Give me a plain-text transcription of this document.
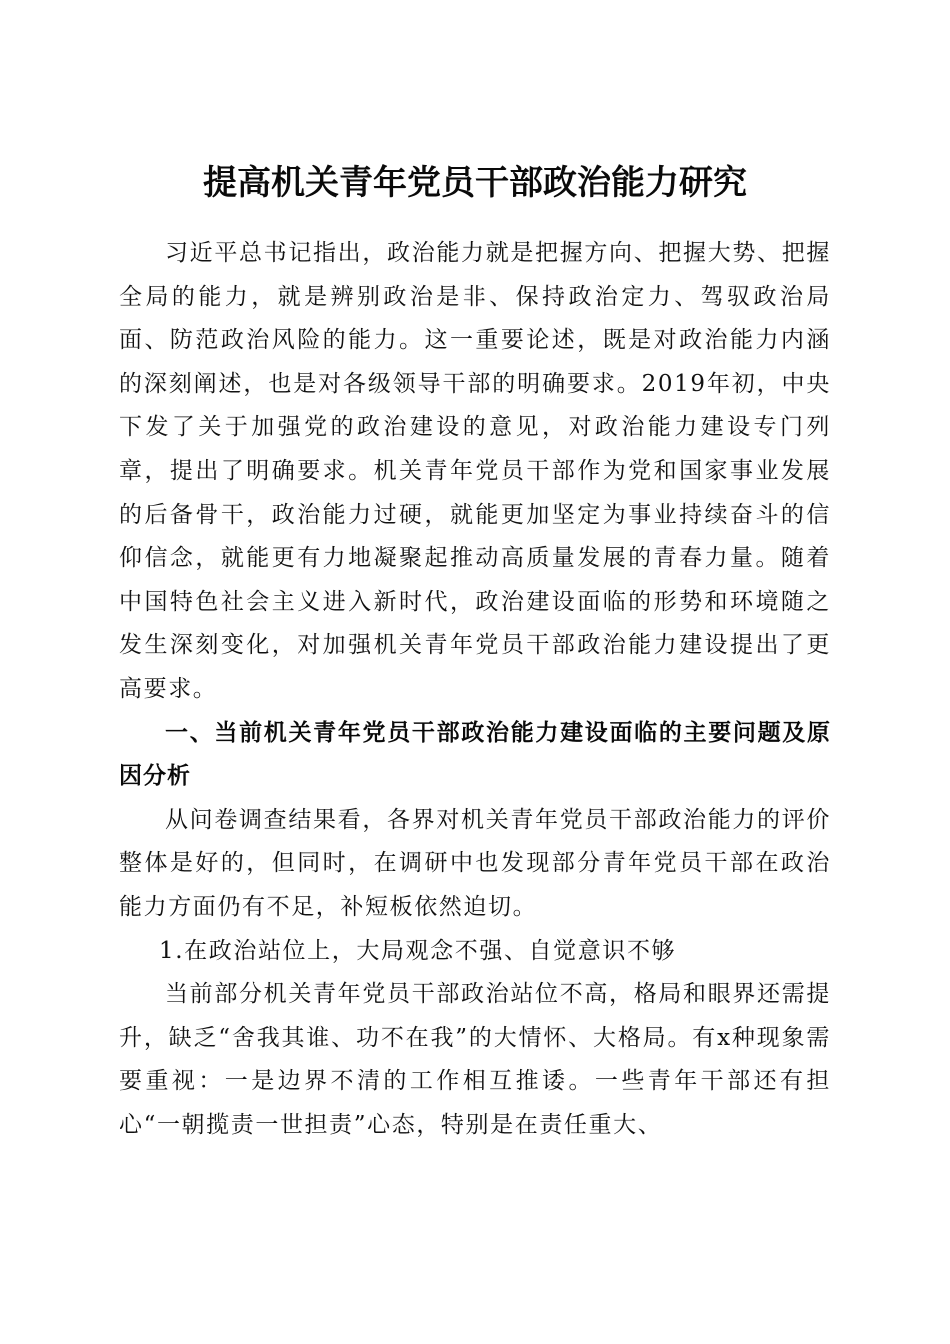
提高机关青年党员干部政治能力研究

习近平总书记指出，政治能力就是把握方向、把握大势、把握全局的能力，就是辨别政治是非、保持政治定力、驾驭政治局面、防范政治风险的能力。这一重要论述，既是对政治能力内涵的深刻阐述，也是对各级领导干部的明确要求。2019年初，中央下发了关于加强党的政治建设的意见，对政治能力建设专门列章，提出了明确要求。机关青年党员干部作为党和国家事业发展的后备骨干，政治能力过硬，就能更加坚定为事业持续奋斗的信仰信念，就能更有力地凝聚起推动高质量发展的青春力量。随着中国特色社会主义进入新时代，政治建设面临的形势和环境随之发生深刻变化，对加强机关青年党员干部政治能力建设提出了更高要求。

一、当前机关青年党员干部政治能力建设面临的主要问题及原因分析

从问卷调查结果看，各界对机关青年党员干部政治能力的评价整体是好的，但同时，在调研中也发现部分青年党员干部在政治能力方面仍有不足，补短板依然迫切。

1.在政治站位上，大局观念不强、自觉意识不够

当前部分机关青年党员干部政治站位不高，格局和眼界还需提升，缺乏“舍我其谁、功不在我”的大情怀、大格局。有x种现象需要重视：一是边界不清的工作相互推诿。一些青年干部还有担心“一朝揽责一世担责”心态，特别是在责任重大、
